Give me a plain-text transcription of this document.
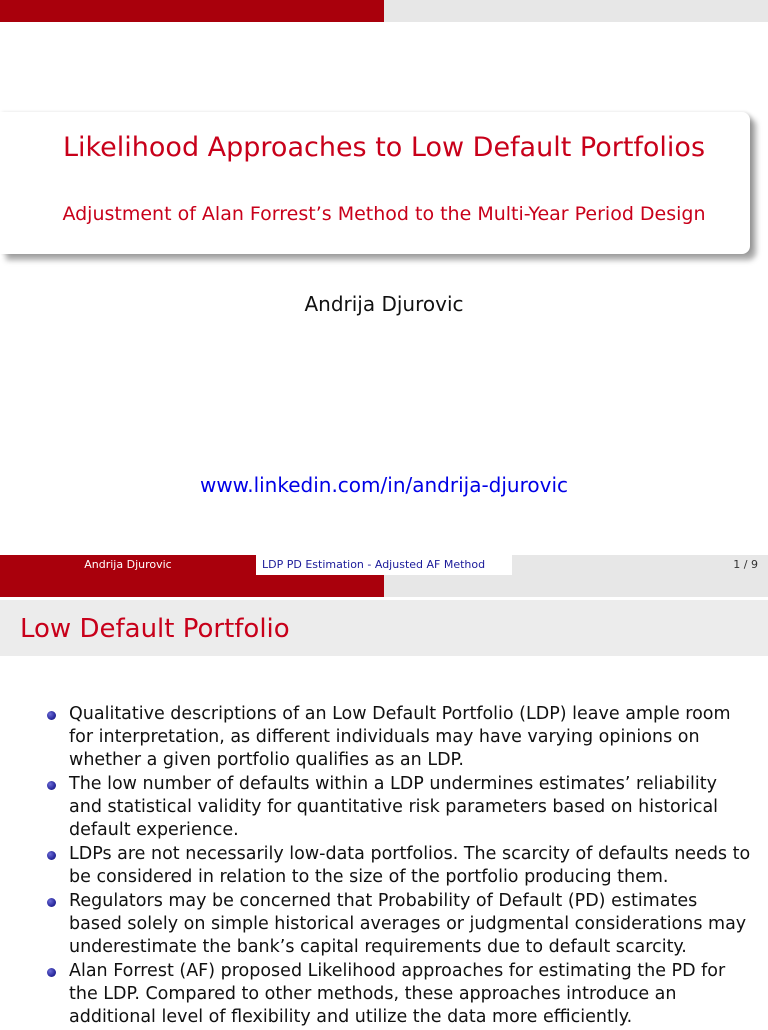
Likelihood Approaches to Low Default Portfolios
Adjustment of Alan Forrest’s Method to the Multi-Year Period Design
Andrija Djurovic
www.linkedin.com/in/andrija-djurovic
Andrija Djurovic	LDP PD Estimation - Adjusted AF Method	1 / 9
Low Default Portfolio
Qualitative descriptions of an Low Default Portfolio (LDP) leave ample room for interpretation, as different individuals may have varying opinions on whether a given portfolio qualifies as an LDP.
The low number of defaults within a LDP undermines estimates’ reliability and statistical validity for quantitative risk parameters based on historical default experience.
LDPs are not necessarily low-data portfolios. The scarcity of defaults needs to be considered in relation to the size of the portfolio producing them.
Regulators may be concerned that Probability of Default (PD) estimates based solely on simple historical averages or judgmental considerations may underestimate the bank’s capital requirements due to default scarcity.
Alan Forrest (AF) proposed Likelihood approaches for estimating the PD for the LDP. Compared to other methods, these approaches introduce an additional level of flexibility and utilize the data more efficiently.
